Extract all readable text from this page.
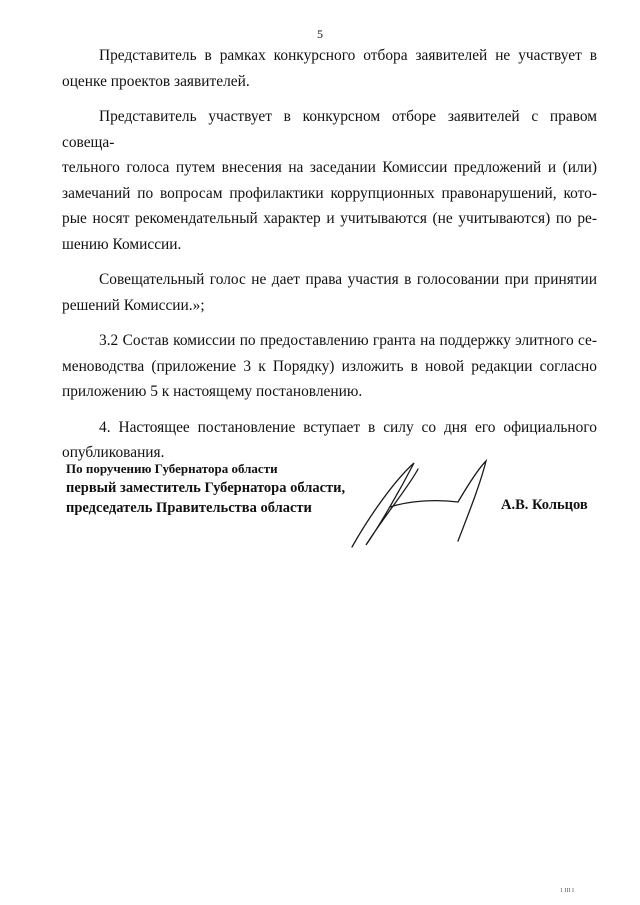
5

Представитель в рамках конкурсного отбора заявителей не участвует в
оценке проектов заявителей.

Представитель участвует в конкурсном отборе заявителей с правом совеща-
тельного голоса путем внесения на заседании Комиссии предложений и (или)
замечаний по вопросам профилактики коррупционных правонарушений, кото-
рые носят рекомендательный характер и учитываются (не учитываются) по ре-
шению Комиссии.

Совещательный голос не дает права участия в голосовании при принятии
решений Комиссии.»;

3.2 Состав комиссии по предоставлению гранта на поддержку элитного се-
меноводства (приложение 3 к Порядку) изложить в новой редакции согласно
приложению 5 к настоящему постановлению.

4. Настоящее постановление вступает в силу со дня его официального
опубликования.

По поручению Губернатора области
первый заместитель Губернатора области,
председатель Правительства области	А.В. Кольцов
1 III I
